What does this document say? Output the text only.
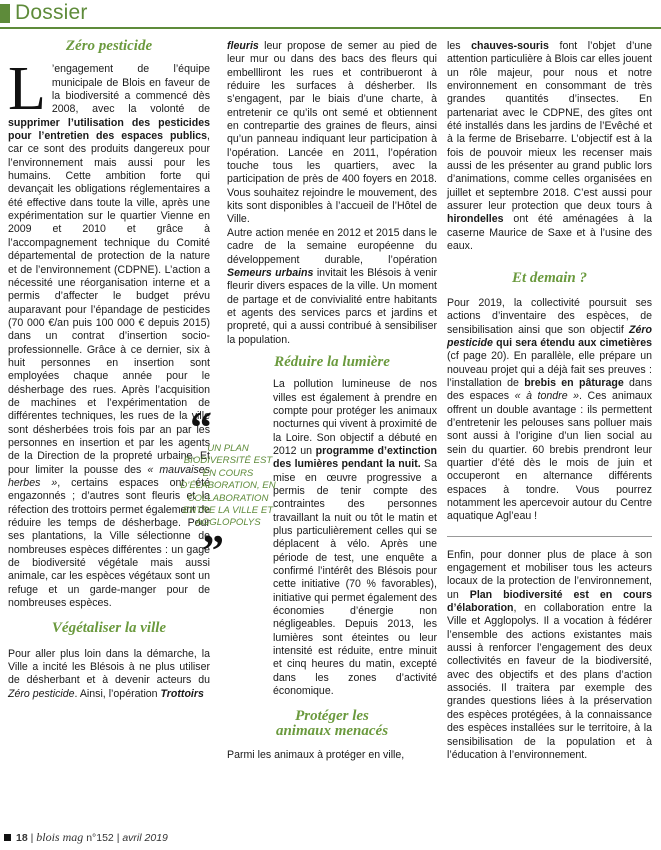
Dossier

Zéro pesticide

L ’engagement de l’équipe municipale de Blois en faveur de la biodiversité a commencé dès 2008, avec la volonté de supprimer l’utilisation des pesticides pour l’entretien des espaces publics, car ce sont des produits dangereux pour l’environnement mais aussi pour les humains. Cette ambition forte qui devançait les obligations réglementaires a été effective dans toute la ville, après une expérimentation sur le quartier Vienne en 2009 et 2010 et grâce à l’accompagnement technique du Comité départemental de protection de la nature et de l’environnement (CDPNE). L’action a nécessité une réorganisation interne et a permis d’affecter le budget prévu auparavant pour l’épandage de pesticides (70 000 €/an puis 100 000 € depuis 2015) dans un contrat d’insertion socio-professionnelle. Grâce à ce dernier, six à huit personnes en insertion sont employées chaque année pour le désherbage des rues. Après l’acquisition de machines et l’expérimentation de différentes techniques, les rues de la ville sont désherbées trois fois par an par les personnes en insertion et par les agents de la Direction de la propreté urbaine. Et pour limiter la pousse des « mauvaises herbes », certains espaces ont été engazonnés ; d’autres sont fleuris et la réfection des trottoirs permet également de réduire les temps de désherbage. Pour ses plantations, la Ville sélectionne de nombreuses espèces différentes : un gage de biodiversité végétale mais aussi animale, car les espèces végétaux sont un refuge et un garde-manger pour de nombreuses espèces.

Végétaliser la ville

Pour aller plus loin dans la démarche, la Ville a incité les Blésois à ne plus utiliser de désherbant et à devenir acteurs du Zéro pesticide. Ainsi, l’opération Trottoirs

“
UN PLAN BIODIVERSITÉ EST EN COURS D’ÉLABORATION, EN COLLABORATION ENTRE LA VILLE ET AGGLOPOLYS
”

fleuris leur propose de semer au pied de leur mur ou dans des bacs des fleurs qui embellliront les rues et contribueront à réduire les surfaces à désherber. Ils s’engagent, par le biais d’une charte, à entretenir ce qu’ils ont semé et obtiennent en contrepartie des graines de fleurs, ainsi qu’un panneau indiquant leur participation à l’opération. Lancée en 2011, l’opération touche tous les quartiers, avec la participation de près de 400 foyers en 2018. Vous souhaitez rejoindre le mouvement, des kits sont disponibles à l’accueil de l’Hôtel de Ville.

Autre action menée en 2012 et 2015 dans le cadre de la semaine européenne du développement durable, l’opération Semeurs urbains invitait les Blésois à venir fleurir divers espaces de la ville. Un moment de partage et de convivialité entre habitants et agents des services parcs et jardins et propreté, qui a aussi contribué à sensibiliser la population.

Réduire la lumière

La pollution lumineuse de nos villes est également à prendre en compte pour protéger les animaux nocturnes qui vivent à proximité de la Loire. Son objectif a débuté en 2012 un programme d’extinction des lumières pendant la nuit. Sa mise en œuvre progressive a permis de tenir compte des contraintes des personnes travaillant la nuit ou tôt le matin et plus particulièrement celles qui se déplacent à vélo. Après une période de test, une enquête a confirmé l’intérêt des Blésois pour cette initiative (70 % favorables), initiative qui permet également des économies d’énergie non négligeables. Depuis 2013, les lumières sont éteintes ou leur intensité est réduite, entre minuit et cinq heures du matin, excepté dans les zones d’activité économique.

Protéger les animaux menacés

Parmi les animaux à protéger en ville,

les chauves-souris font l’objet d’une attention particulière à Blois car elles jouent un rôle majeur, pour nous et notre environnement en consommant de très grandes quantités d’insectes. En partenariat avec le CDPNE, des gîtes ont été installés dans les jardins de l’Evêché et à la ferme de Brisebarre. L’objectif est à la fois de pouvoir mieux les recenser mais aussi de les présenter au grand public lors d’animations, comme celles organisées en juillet et septembre 2018. C’est aussi pour assurer leur protection que deux tours à hirondelles ont été aménagées à la caserne Maurice de Saxe et à l’usine des eaux.

Et demain ?

Pour 2019, la collectivité poursuit ses actions d’inventaire des espèces, de sensibilisation ainsi que son objectif Zéro pesticide qui sera étendu aux cimetières (cf page 20). En parallèle, elle prépare un nouveau projet qui a déjà fait ses preuves : l’installation de brebis en pâturage dans des espaces « à tondre ». Ces animaux offrent un double avantage : ils permettent d’entretenir les pelouses sans polluer mais sont aussi à l’origine d’un lien social au sein du quartier. 60 brebis prendront leur quartier d’été dès le mois de juin et occuperont en alternance différents espaces à tondre. Vous pourrez notamment les apercevoir autour du Centre aquatique Agl’eau !

Enfin, pour donner plus de place à son engagement et mobiliser tous les acteurs locaux de la protection de l’environnement, un Plan biodiversité est en cours d’élaboration, en collaboration entre la Ville et Agglopolys. Il a vocation à fédérer l’ensemble des actions existantes mais aussi à renforcer l’engagement des deux collectivités en faveur de la biodiversité, avec des objectifs et des plans d’action associés. Il traitera par exemple des grandes questions liées à la préservation des espèces protégées, à la connaissance des espèces installées sur le territoire, à la sensibilisation de la population et à l’éducation à l’environnement.

18 | blois mag n°152 | avril 2019
